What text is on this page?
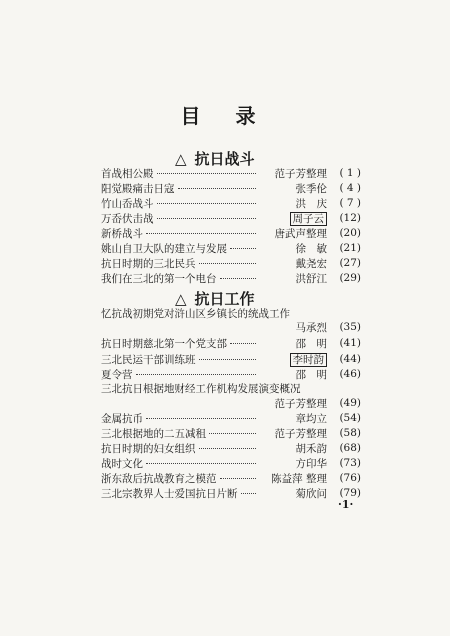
目 录
△ 抗日战斗
首战相公殿	范子芳整理	( 1 )
阳觉殿痛击日寇	张季伦	( 4 )
竹山岙战斗	洪　庆	( 7 )
万岙伏击战	周子云	(12)
新桥战斗	唐武声整理	(20)
姚山自卫大队的建立与发展	徐　敏	(21)
抗日时期的三北民兵	戴尧宏	(27)
我们在三北的第一个电台	洪舒江	(29)
△ 抗日工作
忆抗战初期党对浒山区乡镇长的统战工作
马承烈	(35)
抗日时期慈北第一个党支部	邵　明	(41)
三北民运干部训练班	李时韵	(44)
夏令营	邵　明	(46)
三北抗日根据地财经工作机构发展演变概况
范子芳整理	(49)
金属抗币	章均立	(54)
三北根据地的二五减租	范子芳整理	(58)
抗日时期的妇女组织	胡禾韵	(68)
战时文化	方印华	(73)
浙东敌后抗战教育之模范	陈益萍 整理	(76)
三北宗教界人士爱国抗日片断	菊欣问	(79)
·1·
